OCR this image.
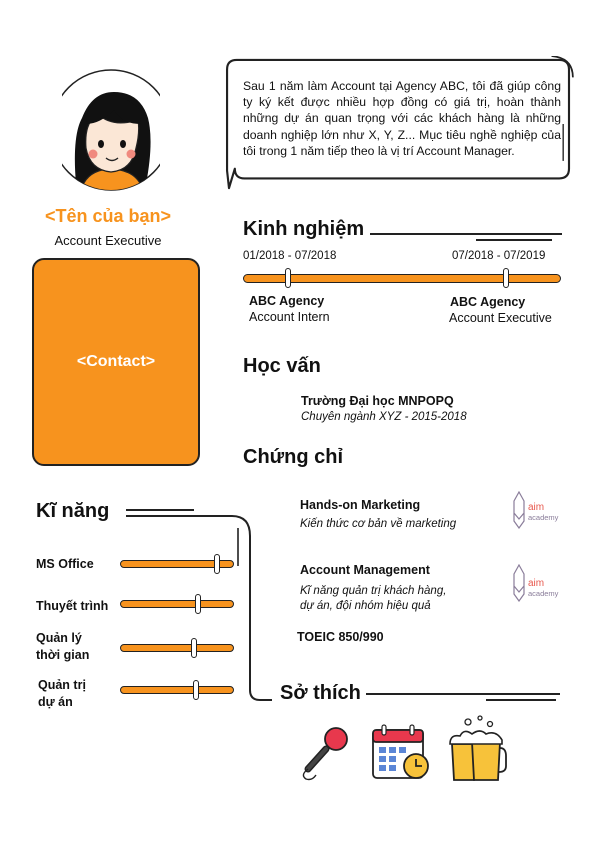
<Tên của bạn>
Account Executive
<Contact>
Sau 1 năm làm Account tại Agency ABC, tôi đã giúp công ty ký kết được nhiều hợp đồng có giá trị, hoàn thành những dự án quan trọng với các khách hàng là những doanh nghiệp lớn như X, Y, Z... Mục tiêu nghề nghiệp của tôi trong 1 năm tiếp theo là vị trí Account Manager.
Kinh nghiệm
01/2018 - 07/2018	07/2018 - 07/2019
ABC Agency
Account Intern
ABC Agency
Account Executive
Học vấn
Trường Đại học MNPOPQ
Chuyên ngành XYZ - 2015-2018
Chứng chỉ
Hands-on Marketing
Kiến thức cơ bản về marketing
aim
academy
Account Management
Kĩ năng quản trị khách hàng,
dự án, đội nhóm hiệu quả
aim
academy
TOEIC 850/990
Kĩ năng
MS Office
Thuyết trình
Quản lý
thời gian
Quản trị
dự án	Sở thích
